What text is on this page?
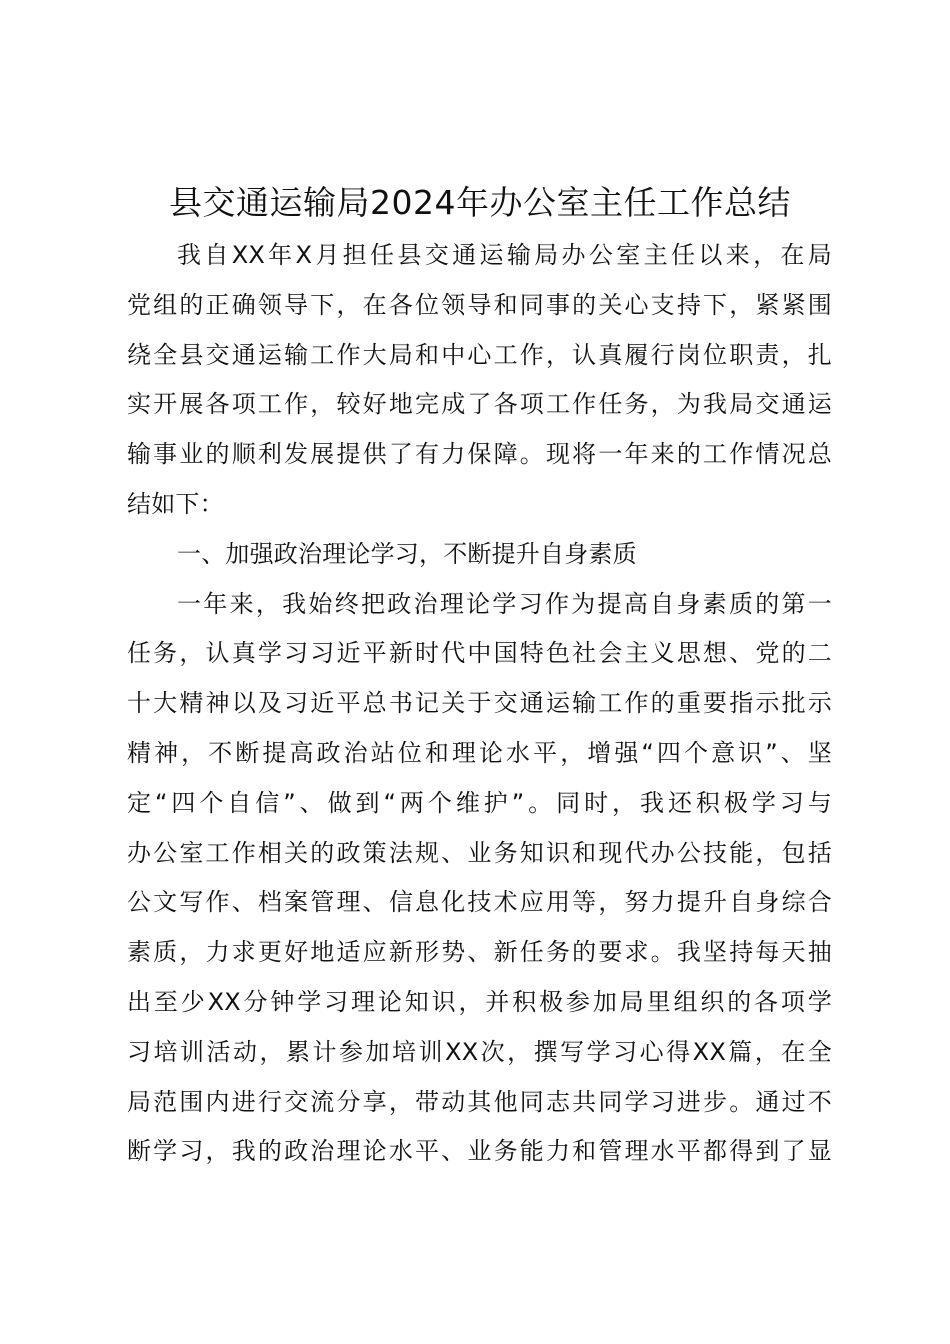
县交通运输局2024年办公室主任工作总结
我自XX年X月担任县交通运输局办公室主任以来，在局
党组的正确领导下，在各位领导和同事的关心支持下，紧紧围
绕全县交通运输工作大局和中心工作，认真履行岗位职责，扎
实开展各项工作，较好地完成了各项工作任务，为我局交通运
输事业的顺利发展提供了有力保障。现将一年来的工作情况总
结如下：
一、加强政治理论学习，不断提升自身素质
一年来，我始终把政治理论学习作为提高自身素质的第一
任务，认真学习习近平新时代中国特色社会主义思想、党的二
十大精神以及习近平总书记关于交通运输工作的重要指示批示
精神，不断提高政治站位和理论水平，增强“四个意识”、坚
定“四个自信”、做到“两个维护”。同时，我还积极学习与
办公室工作相关的政策法规、业务知识和现代办公技能，包括
公文写作、档案管理、信息化技术应用等，努力提升自身综合
素质，力求更好地适应新形势、新任务的要求。我坚持每天抽
出至少XX分钟学习理论知识，并积极参加局里组织的各项学
习培训活动，累计参加培训XX次，撰写学习心得XX篇，在全
局范围内进行交流分享，带动其他同志共同学习进步。通过不
断学习，我的政治理论水平、业务能力和管理水平都得到了显
